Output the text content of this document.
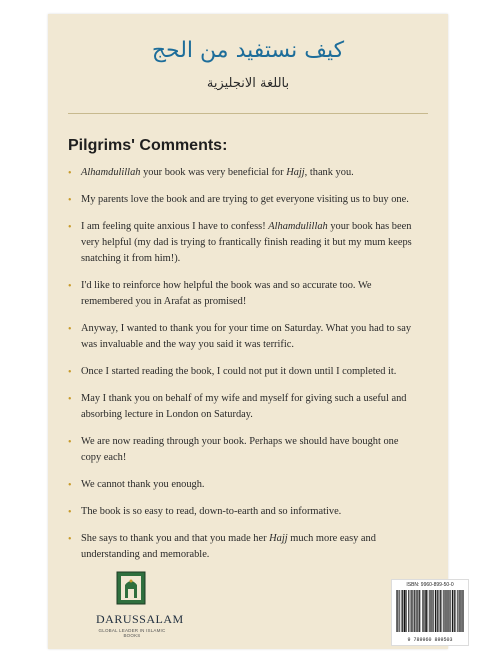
كيف نستفيد من الحج
باللغة الانجليزية
Pilgrims' Comments:
• Alhamdulillah your book was very beneficial for Hajj, thank you.
• My parents love the book and are trying to get everyone visiting us to buy one.
• I am feeling quite anxious I have to confess! Alhamdulillah your book has been very helpful (my dad is trying to frantically finish reading it but my mum keeps snatching it from him!).
• I'd like to reinforce how helpful the book was and so accurate too. We remembered you in Arafat as promised!
• Anyway, I wanted to thank you for your time on Saturday. What you had to say was invaluable and the way you said it was terrific.
• Once I started reading the book, I could not put it down until I completed it.
• May I thank you on behalf of my wife and myself for giving such a useful and absorbing lecture in London on Saturday.
• We are now reading through your book. Perhaps we should have bought one copy each!
• We cannot thank you enough.
• The book is so easy to read, down-to-earth and so informative.
• She says to thank you and that you made her Hajj much more easy and understanding and memorable.
DARUSSALAM
GLOBAL LEADER IN ISLAMIC BOOKS
ISBN: 9960-899-50-0
9 789960 899503
